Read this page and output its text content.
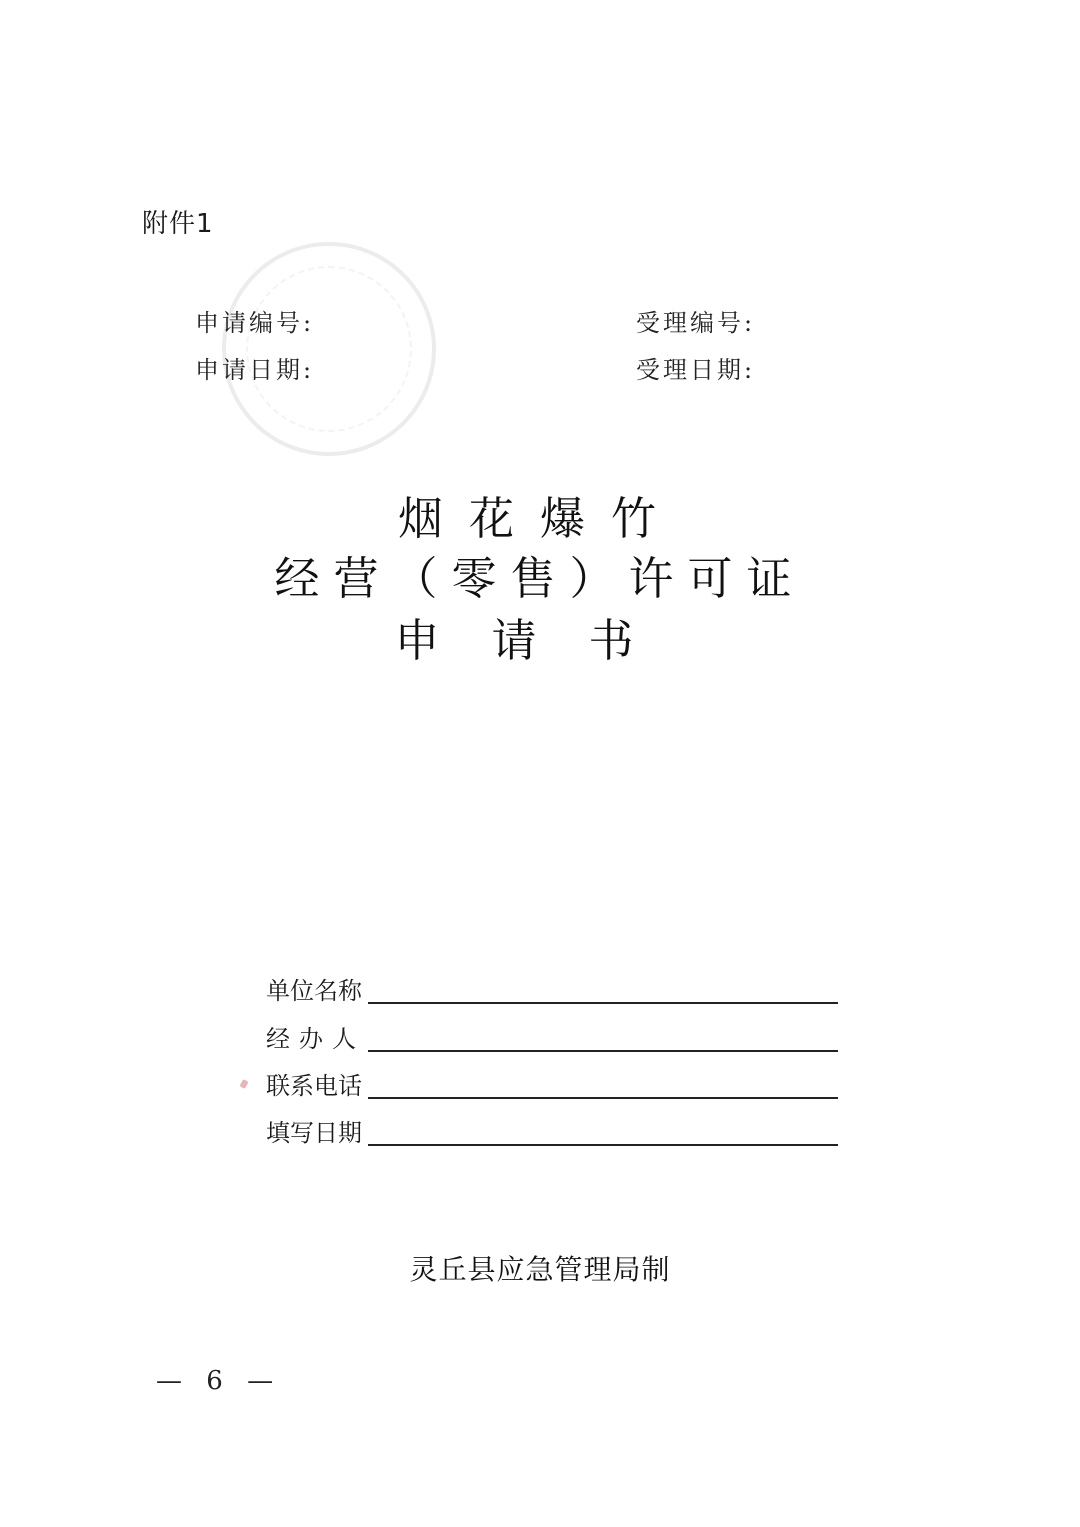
附件1
申请编号:
申请日期:
受理编号:
受理日期:
烟花爆竹
经营（零售）许可证
申请书
单位名称
经办人
联系电话
填写日期
灵丘县应急管理局制
— 6 —
